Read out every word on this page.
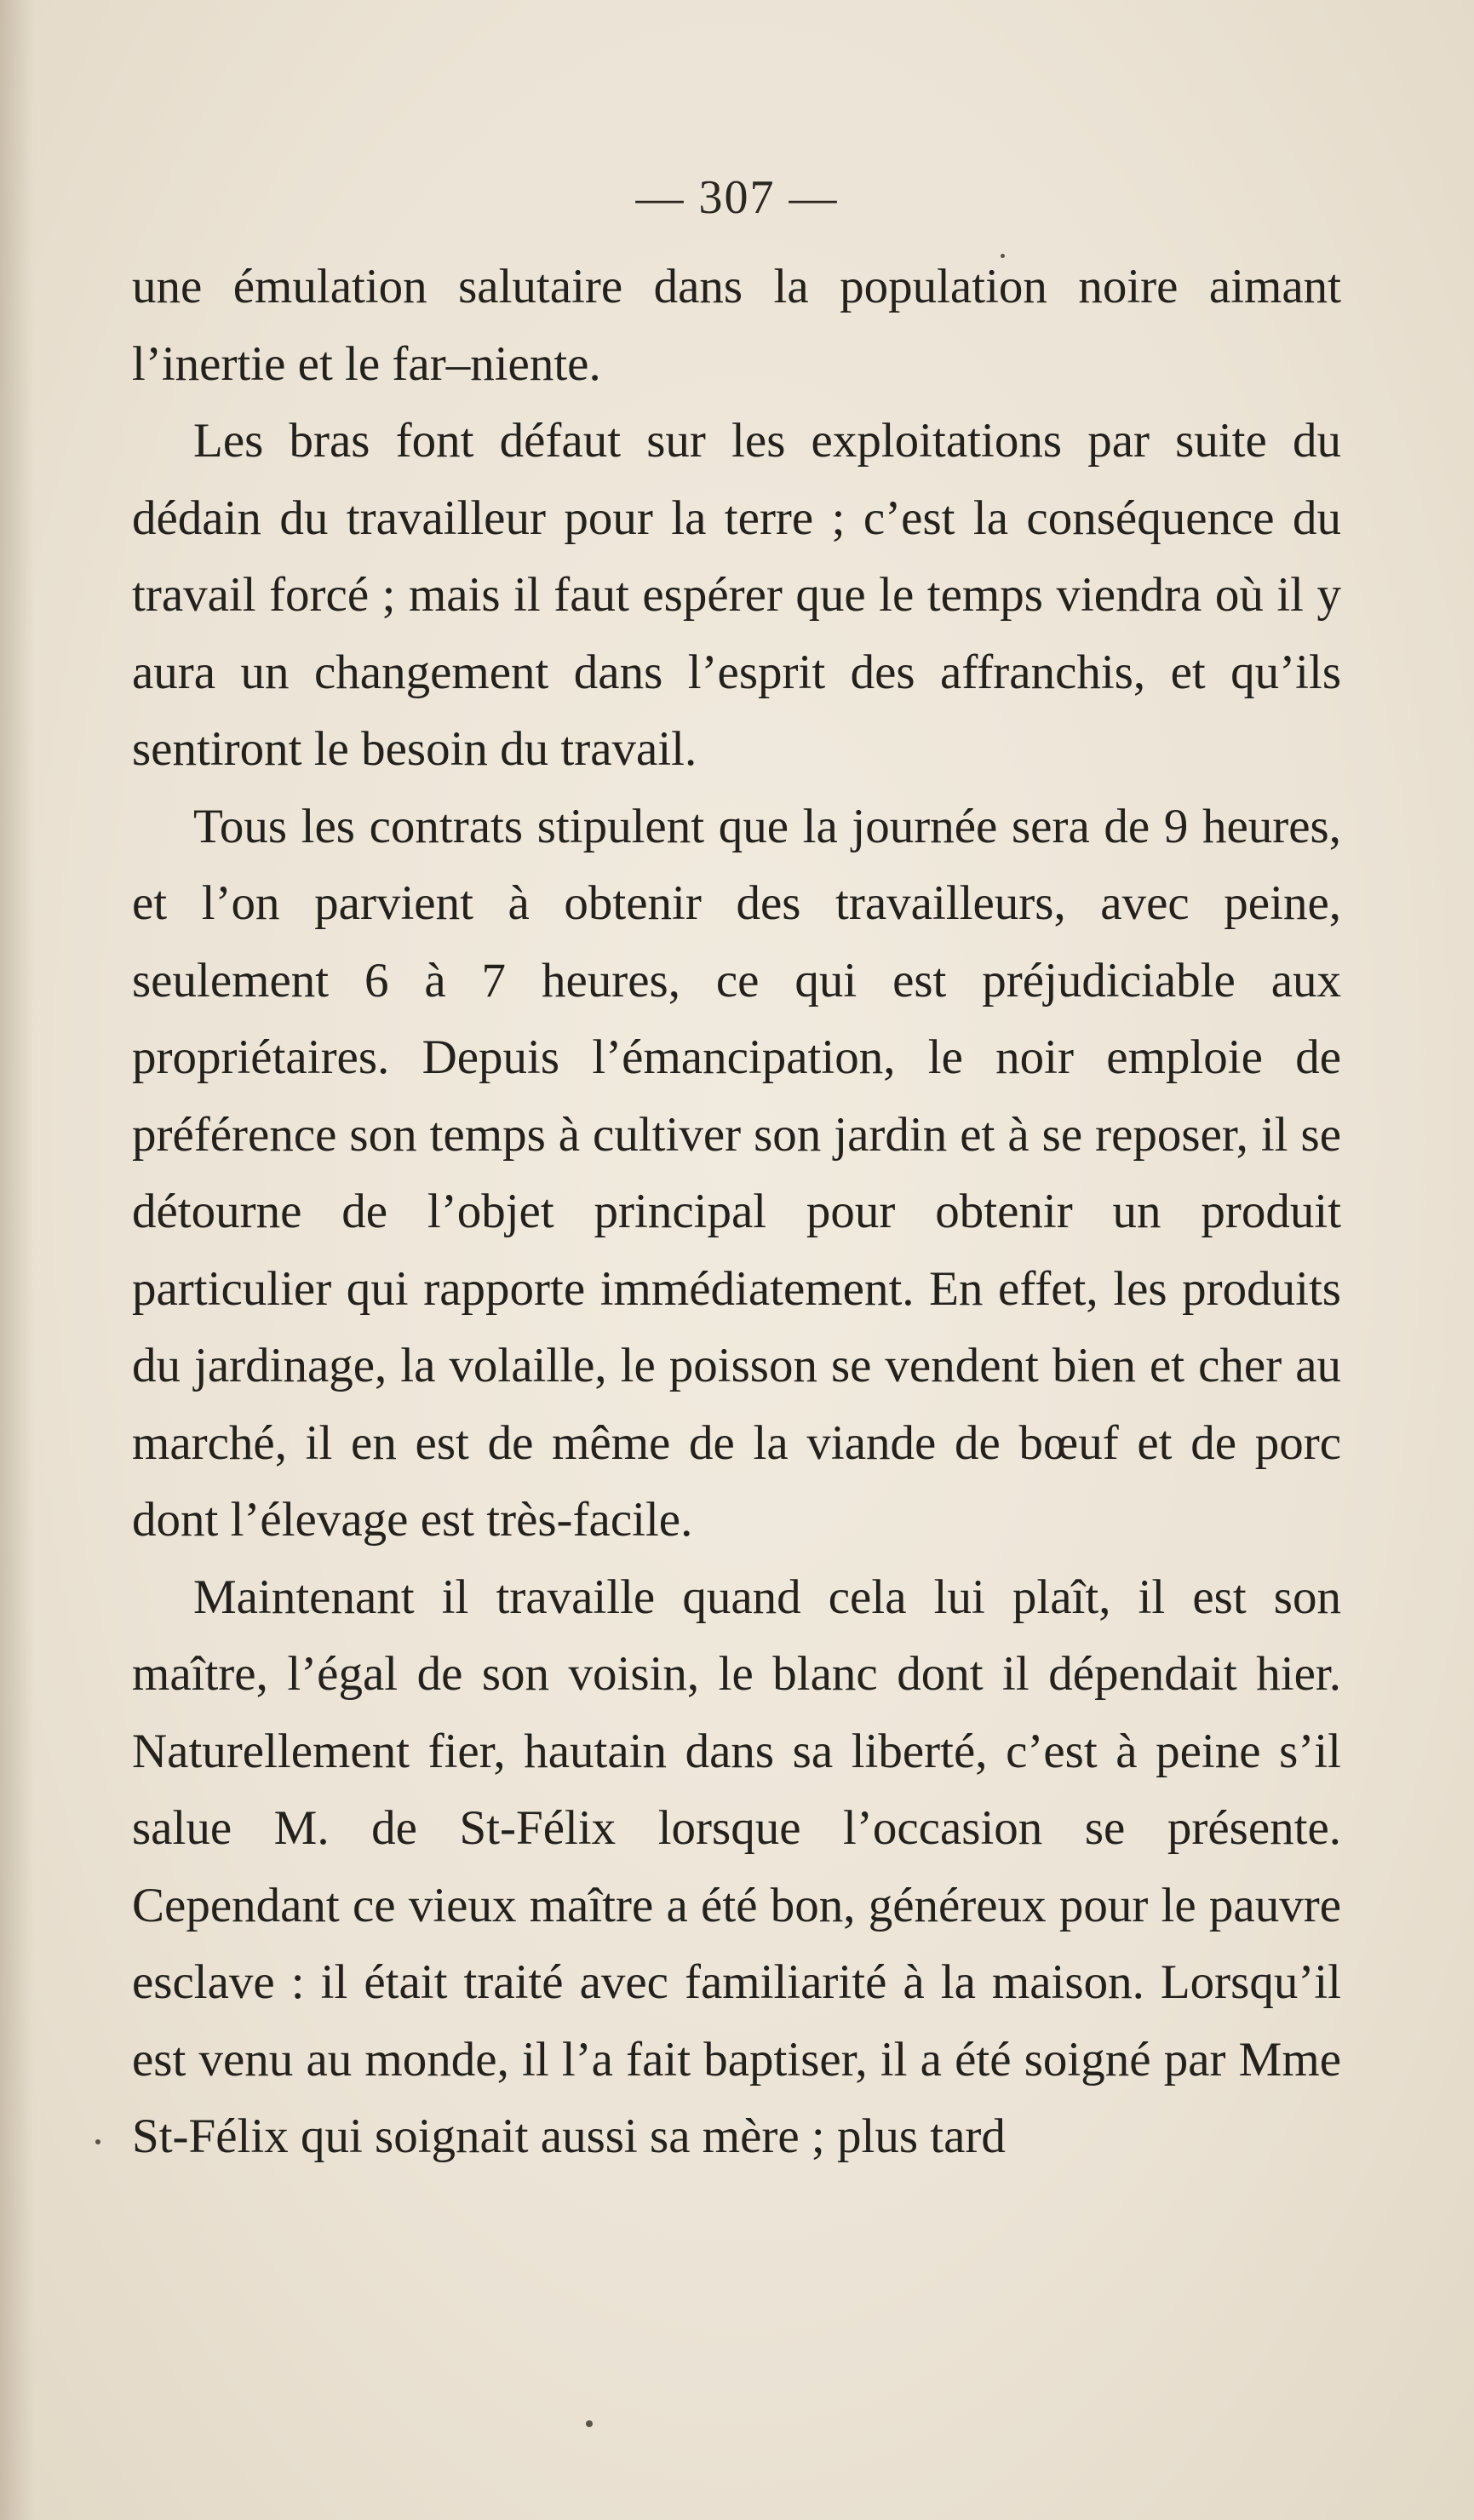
— 307 —

une émulation salutaire dans la population noire aimant l’inertie et le far–niente.

Les bras font défaut sur les exploitations par suite du dédain du travailleur pour la terre ; c’est la conséquence du travail forcé ; mais il faut espérer que le temps viendra où il y aura un changement dans l’esprit des affranchis, et qu’ils sentiront le besoin du travail.

Tous les contrats stipulent que la journée sera de 9 heures, et l’on parvient à obtenir des travailleurs, avec peine, seulement 6 à 7 heures, ce qui est préjudiciable aux propriétaires. Depuis l’émancipation, le noir emploie de préférence son temps à cultiver son jardin et à se reposer, il se détourne de l’objet principal pour obtenir un produit particulier qui rapporte immédiatement. En effet, les produits du jardinage, la volaille, le poisson se vendent bien et cher au marché, il en est de même de la viande de bœuf et de porc dont l’élevage est très-facile.

Maintenant il travaille quand cela lui plaît, il est son maître, l’égal de son voisin, le blanc dont il dépendait hier. Naturellement fier, hautain dans sa liberté, c’est à peine s’il salue M. de St-Félix lorsque l’occasion se présente. Cependant ce vieux maître a été bon, généreux pour le pauvre esclave : il était traité avec familiarité à la maison. Lorsqu’il est venu au monde, il l’a fait baptiser, il a été soigné par Mme St-Félix qui soignait aussi sa mère ; plus tard
